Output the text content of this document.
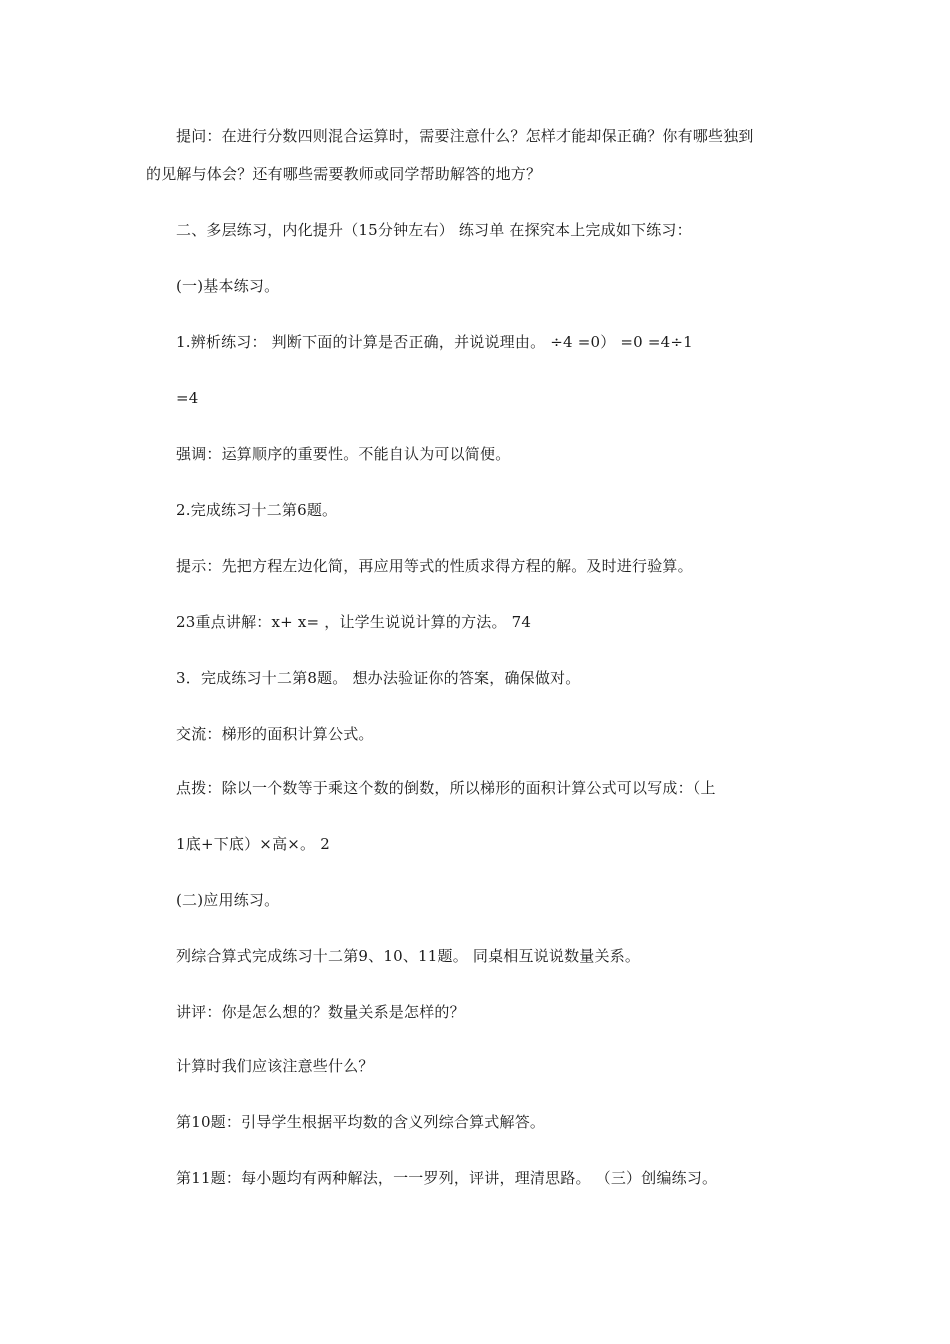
提问：在进行分数四则混合运算时，需要注意什么？怎样才能却保正确？你有哪些独到
的见解与体会？还有哪些需要教师或同学帮助解答的地方？
二、多层练习，内化提升（15分钟左右） 练习单 在探究本上完成如下练习：
(一)基本练习。
1.辨析练习： 判断下面的计算是否正确，并说说理由。 ÷4 =0） =0 =4÷1
=4
强调：运算顺序的重要性。不能自认为可以简便。
2.完成练习十二第6题。
提示：先把方程左边化简，再应用等式的性质求得方程的解。及时进行验算。
23重点讲解：x+ x= ，让学生说说计算的方法。 74
3．完成练习十二第8题。 想办法验证你的答案，确保做对。
交流：梯形的面积计算公式。
点拨：除以一个数等于乘这个数的倒数，所以梯形的面积计算公式可以写成：（上
1底+下底）×高×。 2
(二)应用练习。
列综合算式完成练习十二第9、10、11题。 同桌相互说说数量关系。
讲评：你是怎么想的？数量关系是怎样的？
计算时我们应该注意些什么？
第10题：引导学生根据平均数的含义列综合算式解答。
第11题：每小题均有两种解法，一一罗列，评讲，理清思路。 （三）创编练习。
